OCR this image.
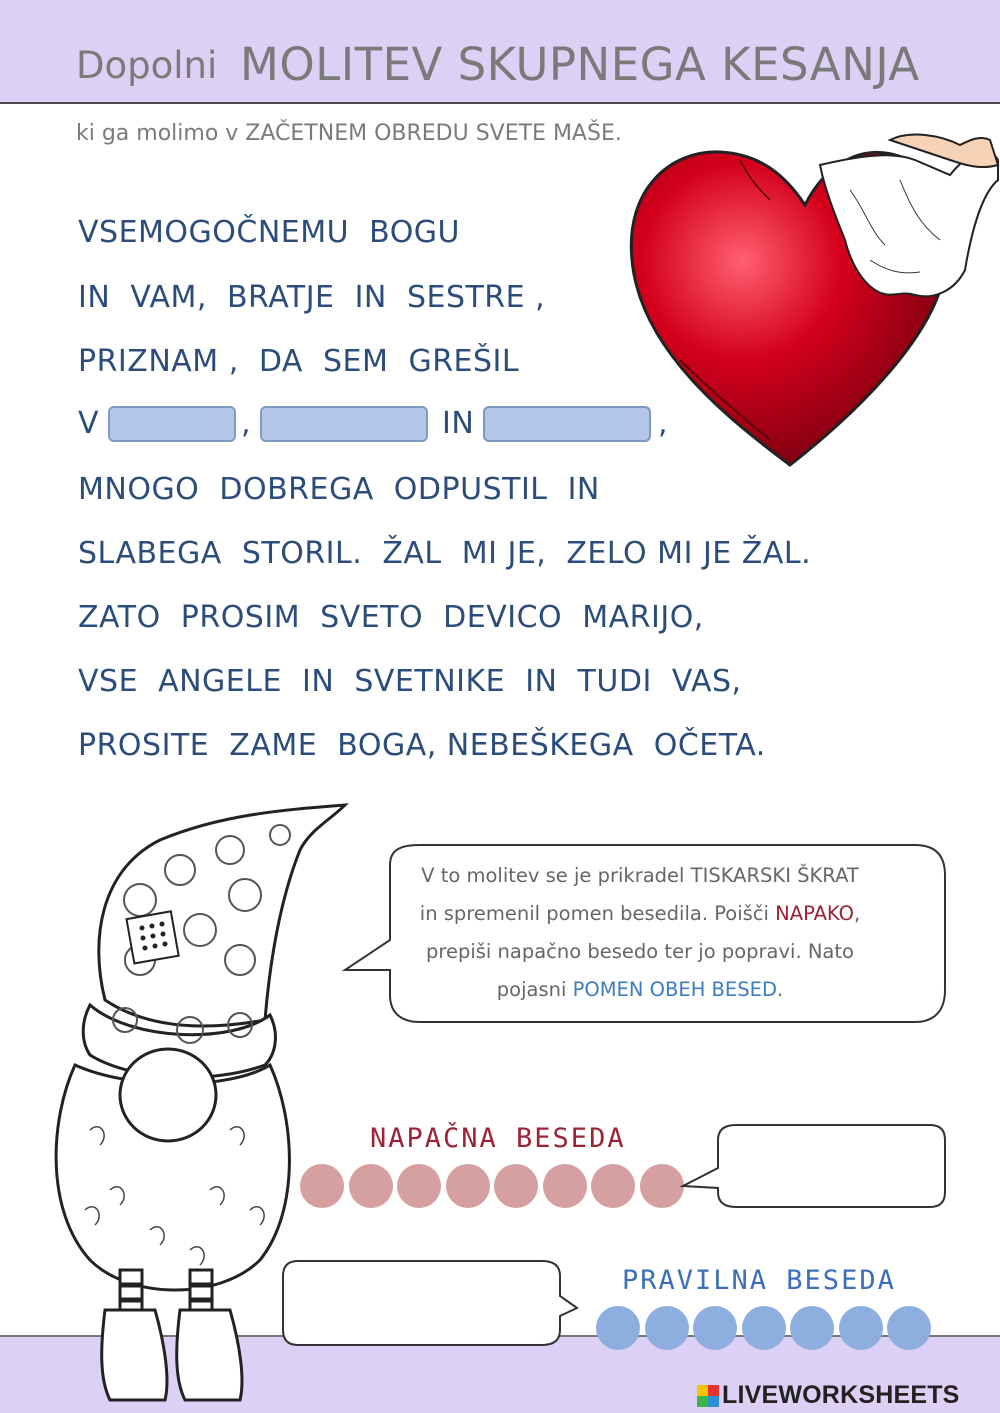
Dopolni MOLITEV SKUPNEGA KESANJA
ki ga molimo v ZAČETNEM OBREDU SVETE MAŠE.
VSEMOGOČNEMU  BOGU
IN  VAM,  BRATJE  IN  SESTRE ,
PRIZNAM ,  DA  SEM  GREŠIL
V	,	IN	,
MNOGO  DOBREGA  ODPUSTIL  IN
SLABEGA  STORIL.  ŽAL  MI JE,  ZELO MI JE ŽAL.
ZATO  PROSIM  SVETO  DEVICO  MARIJO,
VSE  ANGELE  IN  SVETNIKE  IN  TUDI  VAS,
PROSITE  ZAME  BOGA, NEBEŠKEGA  OČETA.
V to molitev se je prikradel TISKARSKI ŠKRAT
in spremenil pomen besedila. Poišči NAPAKO,
prepiši napačno besedo ter jo popravi. Nato
pojasni POMEN OBEH BESED.
NAPAČNA BESEDA
PRAVILNA BESEDA
LIVEWORKSHEETS
